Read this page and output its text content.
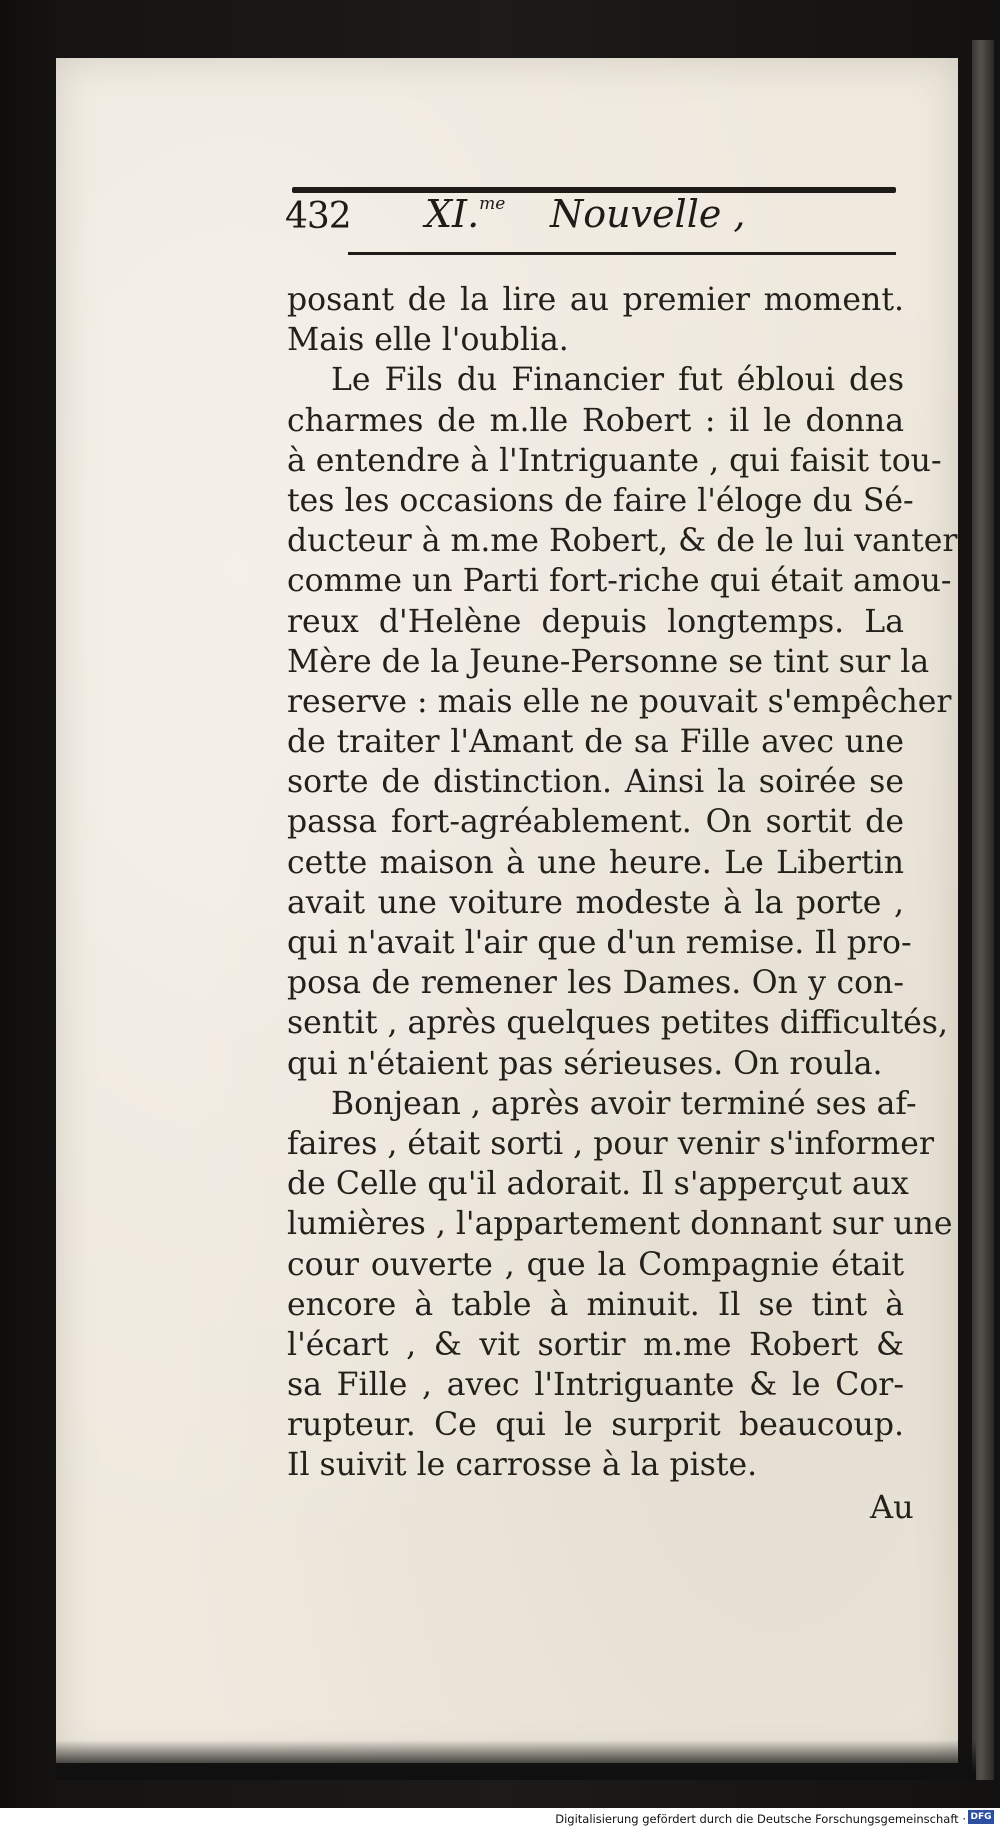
432 XI.$^{me}$ Nouvelle ,
posant de la lire au premier moment.
Mais elle l'oublia.
Le Fils du Financier fut ébloui des
charmes de m.lle Robert : il le donna
à entendre à l'Intriguante , qui faisit tou-
tes les occasions de faire l'éloge du Sé-
ducteur à m.me Robert, & de le lui vanter
comme un Parti fort-riche qui était amou-
reux d'Helène depuis longtemps. La
Mère de la Jeune-Personne se tint sur la
reserve : mais elle ne pouvait s'empêcher
de traiter l'Amant de sa Fille avec une
sorte de distinction. Ainsi la soirée se
passa fort-agréablement. On sortit de
cette maison à une heure. Le Libertin
avait une voiture modeste à la porte ,
qui n'avait l'air que d'un remise. Il pro-
posa de remener les Dames. On y con-
sentit , après quelques petites difficultés,
qui n'étaient pas sérieuses. On roula.
Bonjean , après avoir terminé ses af-
faires , était sorti , pour venir s'informer
de Celle qu'il adorait. Il s'apperçut aux
lumières , l'appartement donnant sur une
cour ouverte , que la Compagnie était
encore à table à minuit. Il se tint à
l'écart , & vit sortir m.me Robert &
sa Fille , avec l'Intriguante & le Cor-
rupteur. Ce qui le surprit beaucoup.
Il suivit le carrosse à la piste.
Au
Digitalisierung gefördert durch die Deutsche Forschungsgemeinschaft · DFG
